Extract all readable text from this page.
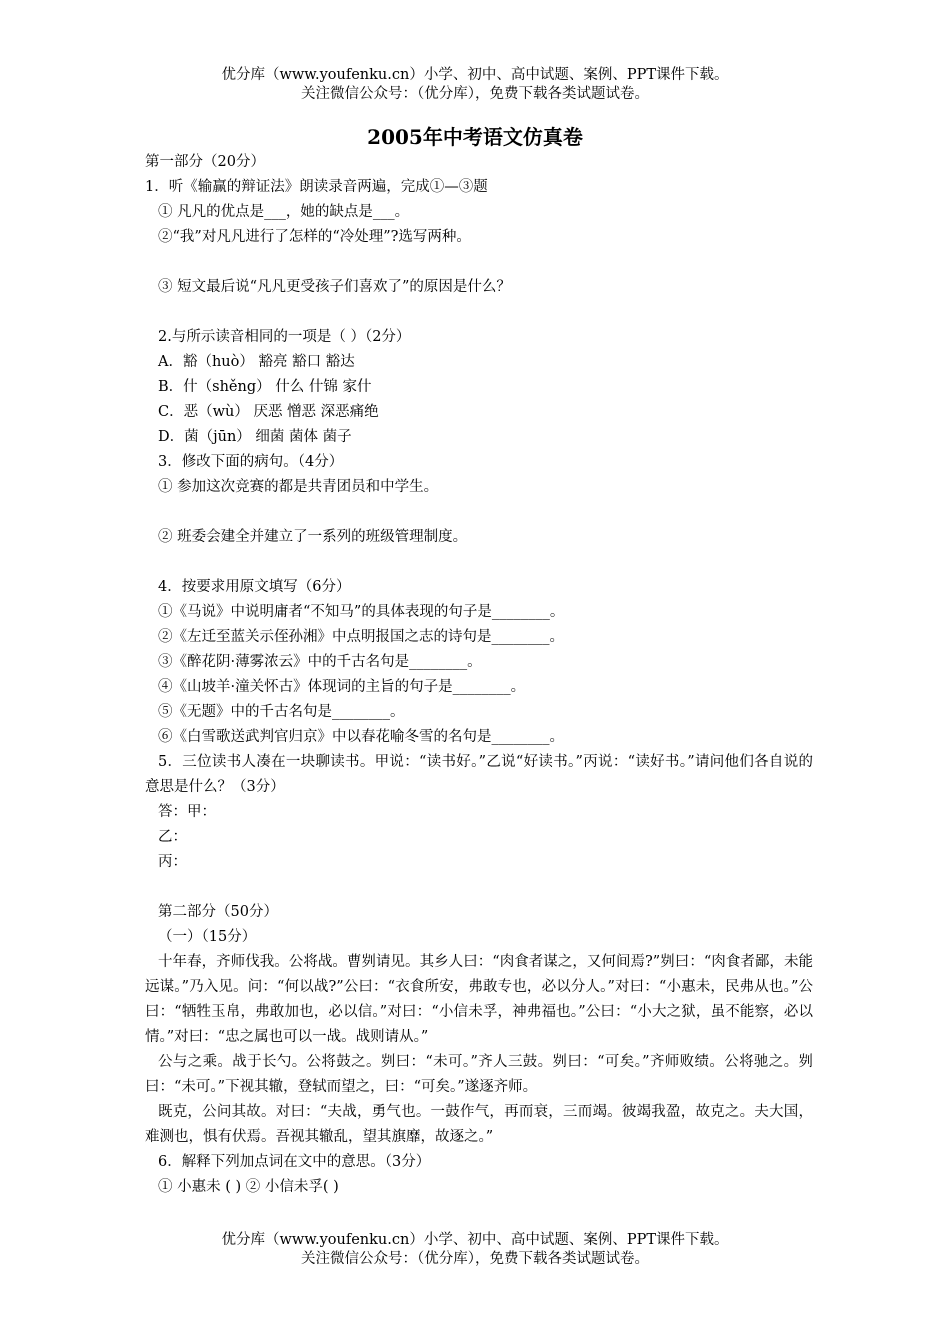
优分库（www.youfenku.cn）小学、初中、高中试题、案例、PPT课件下载。
关注微信公众号：（优分库），免费下载各类试题试卷。
2005年中考语文仿真卷
第一部分（20分）
1．听《输赢的辩证法》朗读录音两遍，完成①—③题
① 凡凡的优点是___，她的缺点是___。
②“我”对凡凡进行了怎样的“冷处理”?选写两种。
③ 短文最后说“凡凡更受孩子们喜欢了”的原因是什么？
2.与所示读音相同的一项是（ ）（2分）
A．豁（huò） 豁亮 豁口 豁达
B．什（shěng） 什么 什锦 家什
C．恶（wù） 厌恶 憎恶 深恶痛绝
D．菌（jūn） 细菌 菌体 菌子
3．修改下面的病句。（4分）
① 参加这次竞赛的都是共青团员和中学生。
② 班委会建全并建立了一系列的班级管理制度。
4．按要求用原文填写（6分）
①《马说》中说明庸者“不知马”的具体表现的句子是________。
②《左迁至蓝关示侄孙湘》中点明报国之志的诗句是________。
③《醉花阴·薄雾浓云》中的千古名句是________。
④《山坡羊·潼关怀古》体现词的主旨的句子是________。
⑤《无题》中的千古名句是________。
⑥《白雪歌送武判官归京》中以春花喻冬雪的名句是________。
5．三位读书人凑在一块聊读书。甲说：“读书好。”乙说“好读书。”丙说：“读好书。”请问他们各自说的意思是什么？（3分）
答：甲：
乙：
丙：
第二部分（50分）
（一）（15分）
十年春，齐师伐我。公将战。曹刿请见。其乡人曰：“肉食者谋之，又何间焉?”刿曰：“肉食者鄙，未能远谋。”乃入见。问：“何以战?”公曰：“衣食所安，弗敢专也，必以分人。”对曰：“小惠未，民弗从也。”公曰：“牺牲玉帛，弗敢加也，必以信。”对曰：“小信未孚，神弗福也。”公曰：“小大之狱，虽不能察，必以情。”对曰：“忠之属也可以一战。战则请从。”
公与之乘。战于长勺。公将鼓之。刿曰：“未可。”齐人三鼓。刿曰：“可矣。”齐师败绩。公将驰之。刿曰：“未可。”下视其辙，登轼而望之，曰：“可矣。”遂逐齐师。
既克，公问其故。对曰：“夫战，勇气也。一鼓作气，再而衰，三而竭。彼竭我盈，故克之。夫大国，难测也，惧有伏焉。吾视其辙乱，望其旗靡，故逐之。”
6．解释下列加点词在文中的意思。（3分）
① 小惠未 ( ) ② 小信未孚( )
优分库（www.youfenku.cn）小学、初中、高中试题、案例、PPT课件下载。
关注微信公众号：（优分库），免费下载各类试题试卷。
